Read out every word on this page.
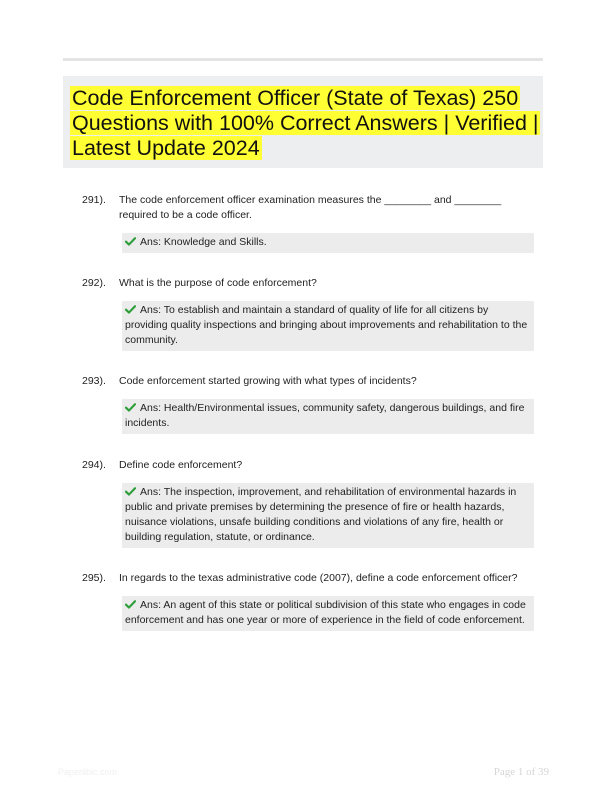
Code Enforcement Officer (State of Texas) 250 Questions with 100% Correct Answers | Verified | Latest Update 2024
291). The code enforcement officer examination measures the ________ and ________ required to be a code officer.
Ans: Knowledge and Skills.
292). What is the purpose of code enforcement?
Ans: To establish and maintain a standard of quality of life for all citizens by providing quality inspections and bringing about improvements and rehabilitation to the community.
293). Code enforcement started growing with what types of incidents?
Ans: Health/Environmental issues, community safety, dangerous buildings, and fire incidents.
294). Define code enforcement?
Ans: The inspection, improvement, and rehabilitation of environmental hazards in public and private premises by determining the presence of fire or health hazards, nuisance violations, unsafe building conditions and violations of any fire, health or building regulation, statute, or ordinance.
295). In regards to the texas administrative code (2007), define a code enforcement officer?
Ans: An agent of this state or political subdivision of this state who engages in code enforcement and has one year or more of experience in the field of code enforcement.
Paperlibic.com	Page 1 of 39
